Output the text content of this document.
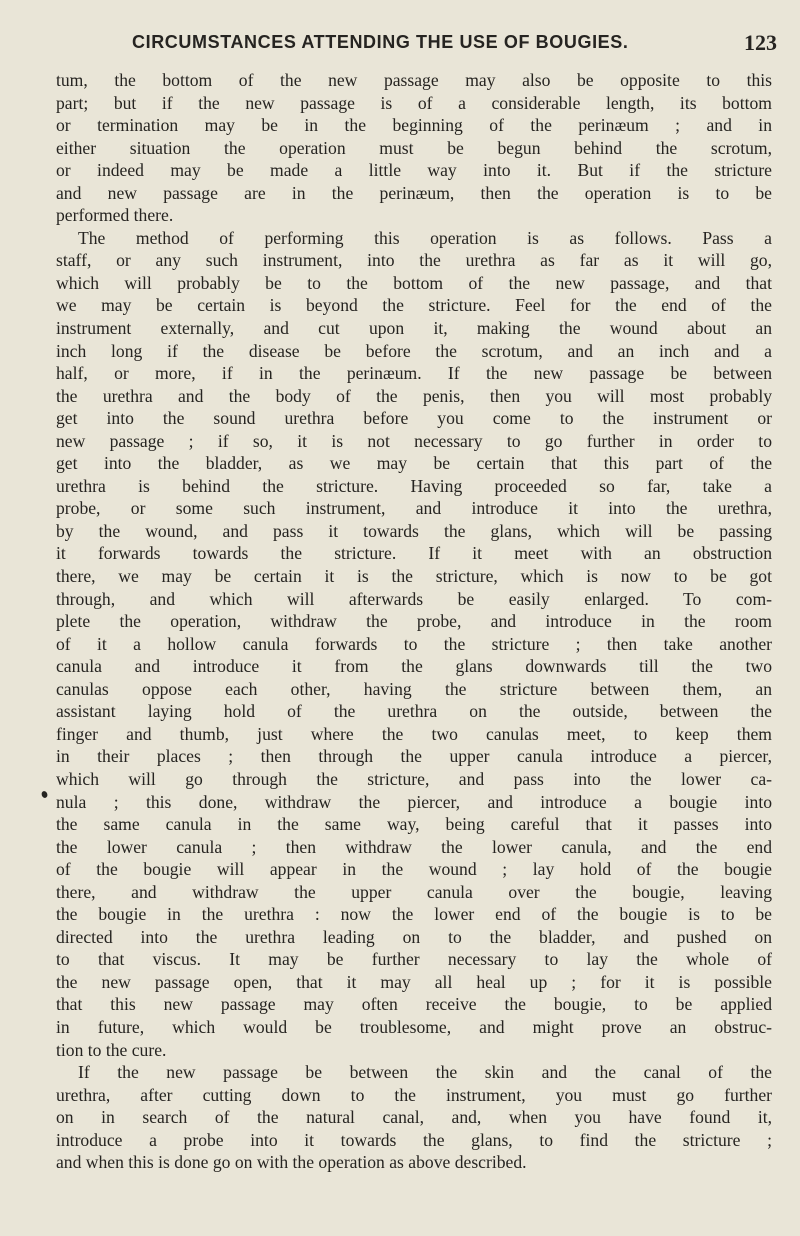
CIRCUMSTANCES ATTENDING THE USE OF BOUGIES.	123
tum, the bottom of the new passage may also be opposite to this
part; but if the new passage is of a considerable length, its bottom
or termination may be in the beginning of the perinæum ; and in
either situation the operation must be begun behind the scrotum,
or indeed may be made a little way into it. But if the stricture
and new passage are in the perinæum, then the operation is to be
performed there.
The method of performing this operation is as follows. Pass a
staff, or any such instrument, into the urethra as far as it will go,
which will probably be to the bottom of the new passage, and that
we may be certain is beyond the stricture. Feel for the end of the
instrument externally, and cut upon it, making the wound about an
inch long if the disease be before the scrotum, and an inch and a
half, or more, if in the perinæum. If the new passage be between
the urethra and the body of the penis, then you will most probably
get into the sound urethra before you come to the instrument or
new passage ; if so, it is not necessary to go further in order to
get into the bladder, as we may be certain that this part of the
urethra is behind the stricture. Having proceeded so far, take a
probe, or some such instrument, and introduce it into the urethra,
by the wound, and pass it towards the glans, which will be passing
it forwards towards the stricture. If it meet with an obstruction
there, we may be certain it is the stricture, which is now to be got
through, and which will afterwards be easily enlarged. To com-
plete the operation, withdraw the probe, and introduce in the room
of it a hollow canula forwards to the stricture ; then take another
canula and introduce it from the glans downwards till the two
canulas oppose each other, having the stricture between them, an
assistant laying hold of the urethra on the outside, between the
finger and thumb, just where the two canulas meet, to keep them
in their places ; then through the upper canula introduce a piercer,
which will go through the stricture, and pass into the lower ca-
nula ; this done, withdraw the piercer, and introduce a bougie into
the same canula in the same way, being careful that it passes into
the lower canula ; then withdraw the lower canula, and the end
of the bougie will appear in the wound ; lay hold of the bougie
there, and withdraw the upper canula over the bougie, leaving
the bougie in the urethra : now the lower end of the bougie is to be
directed into the urethra leading on to the bladder, and pushed on
to that viscus. It may be further necessary to lay the whole of
the new passage open, that it may all heal up ; for it is possible
that this new passage may often receive the bougie, to be applied
in future, which would be troublesome, and might prove an obstruc-
tion to the cure.
If the new passage be between the skin and the canal of the
urethra, after cutting down to the instrument, you must go further
on in search of the natural canal, and, when you have found it,
introduce a probe into it towards the glans, to find the stricture ;
and when this is done go on with the operation as above described.
